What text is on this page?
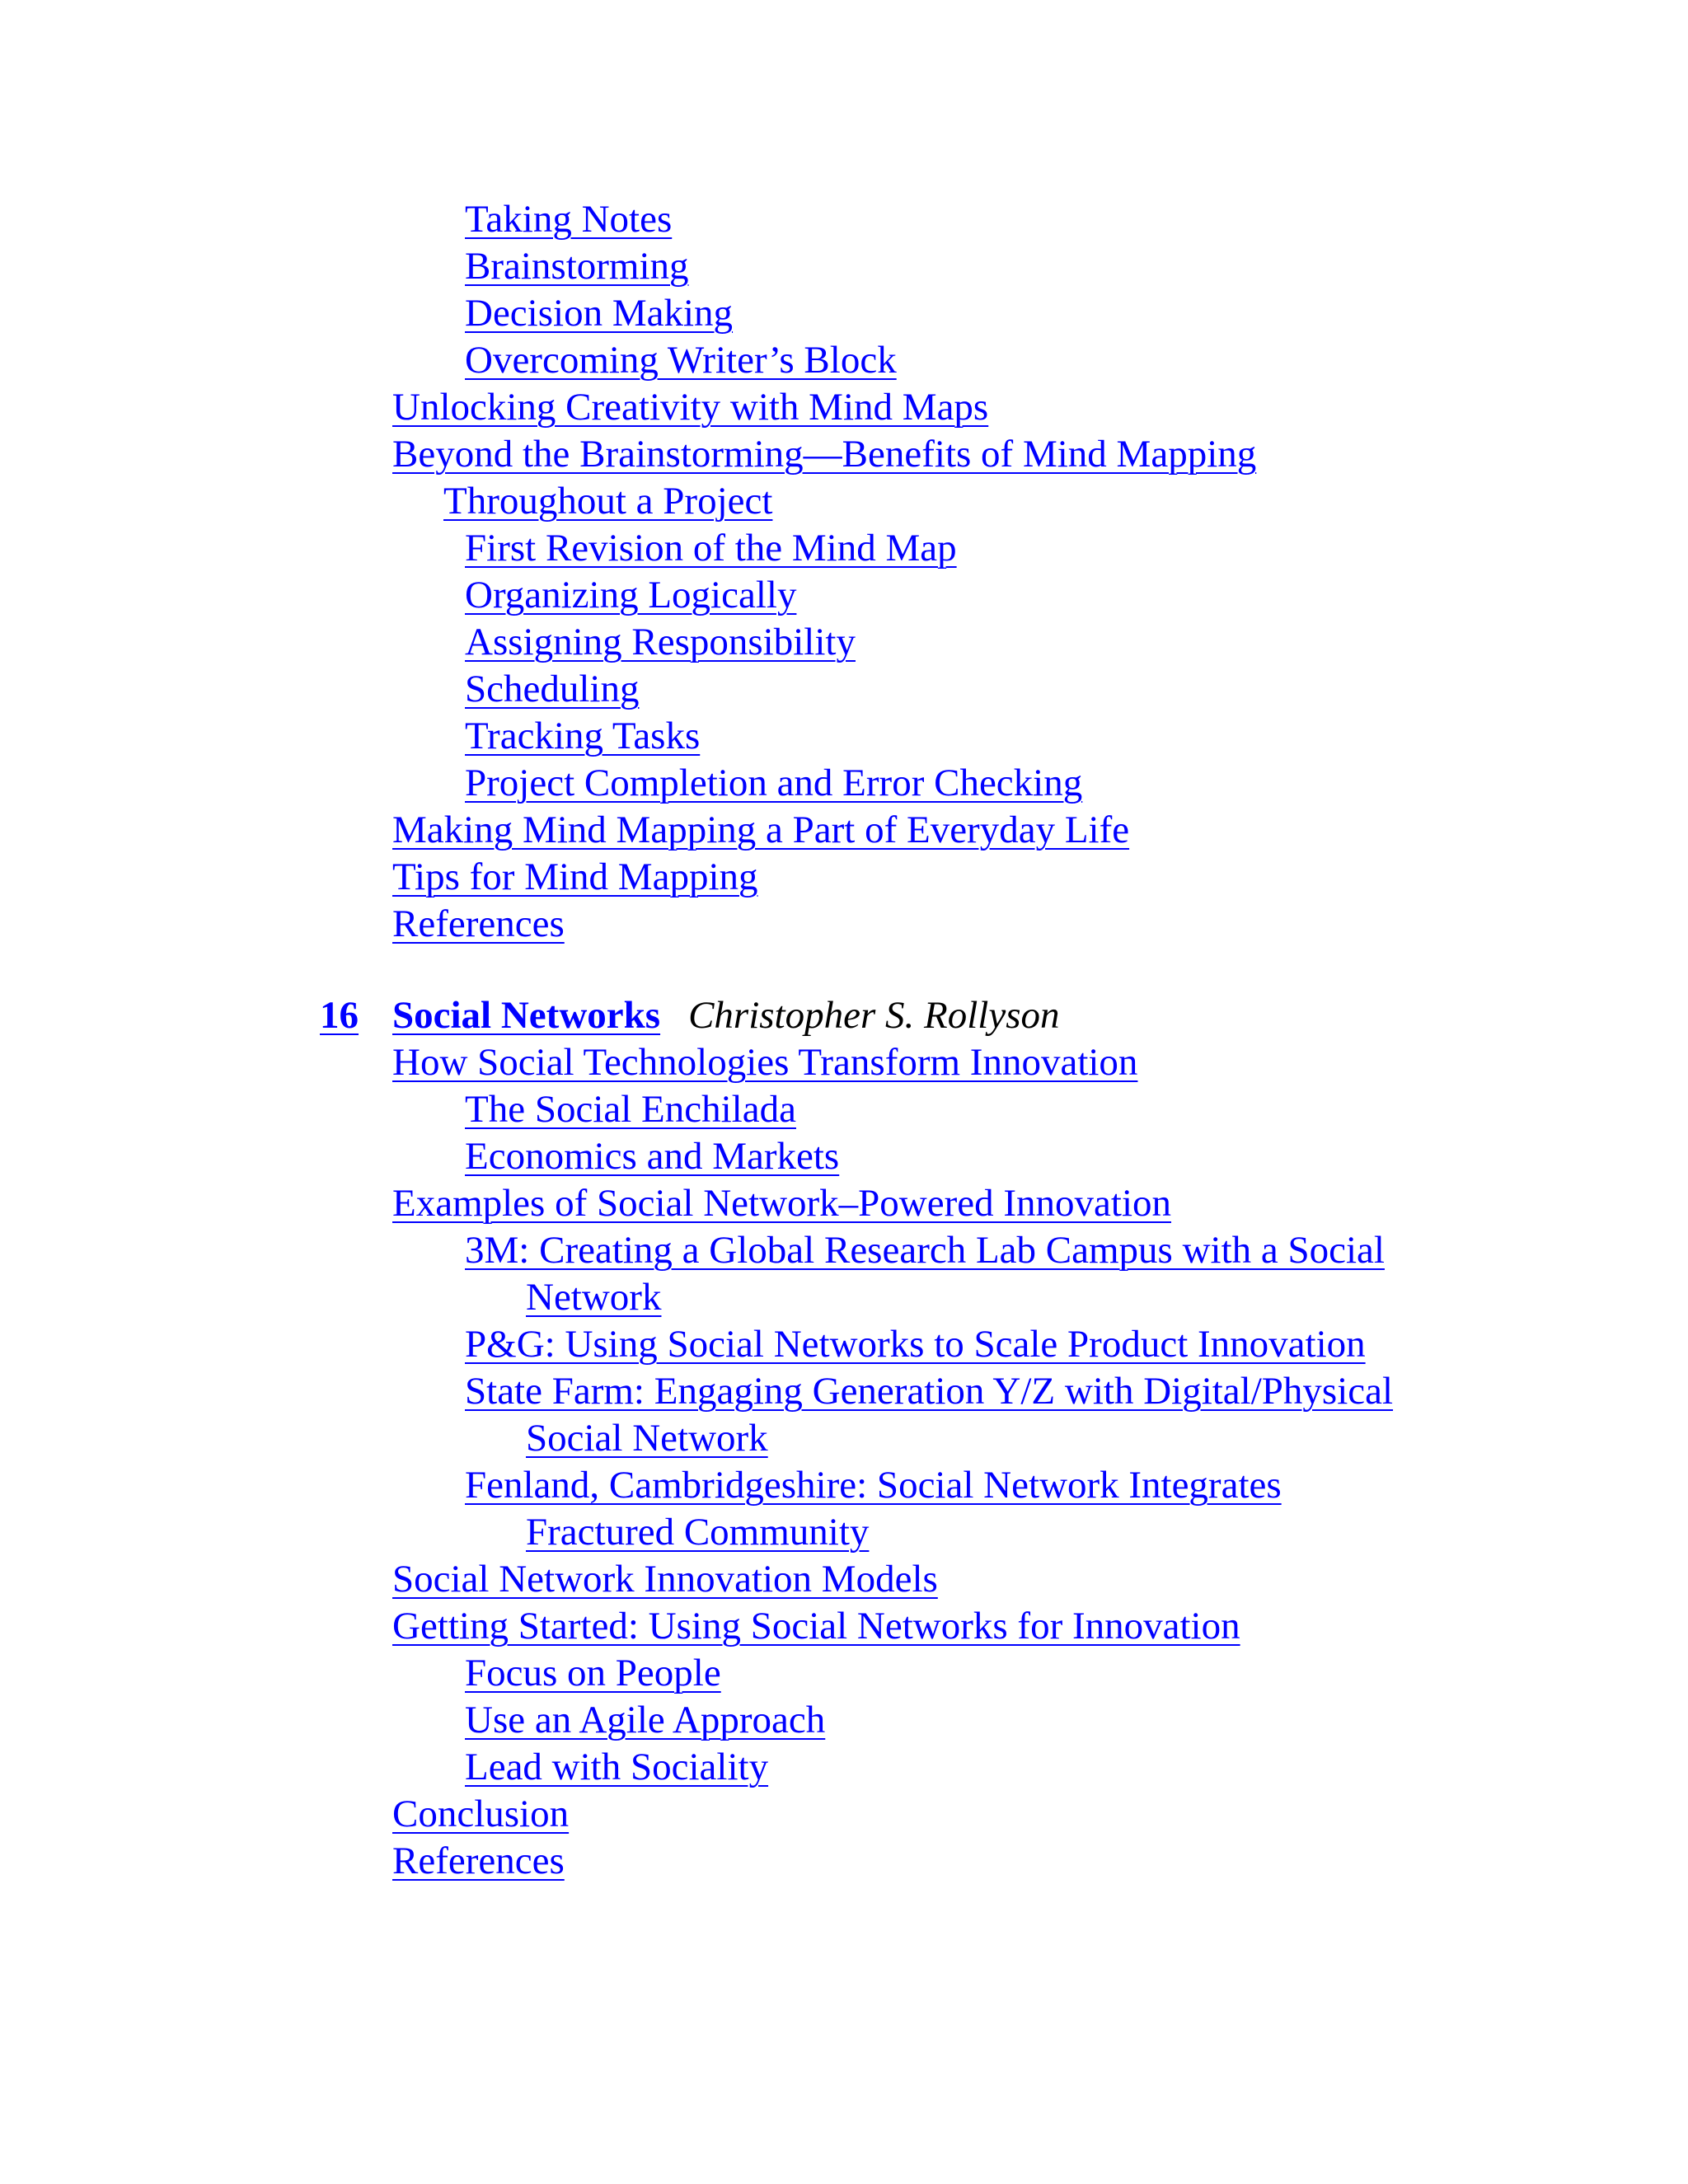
Taking Notes
Brainstorming
Decision Making
Overcoming Writer’s Block
Unlocking Creativity with Mind Maps
Beyond the Brainstorming—Benefits of Mind Mapping
Throughout a Project
First Revision of the Mind Map
Organizing Logically
Assigning Responsibility
Scheduling
Tracking Tasks
Project Completion and Error Checking
Making Mind Mapping a Part of Everyday Life
Tips for Mind Mapping
References
16 Social Networks Christopher S. Rollyson
How Social Technologies Transform Innovation
The Social Enchilada
Economics and Markets
Examples of Social Network–Powered Innovation
3M: Creating a Global Research Lab Campus with a Social
Network
P&G: Using Social Networks to Scale Product Innovation
State Farm: Engaging Generation Y/Z with Digital/Physical
Social Network
Fenland, Cambridgeshire: Social Network Integrates
Fractured Community
Social Network Innovation Models
Getting Started: Using Social Networks for Innovation
Focus on People
Use an Agile Approach
Lead with Sociality
Conclusion
References
